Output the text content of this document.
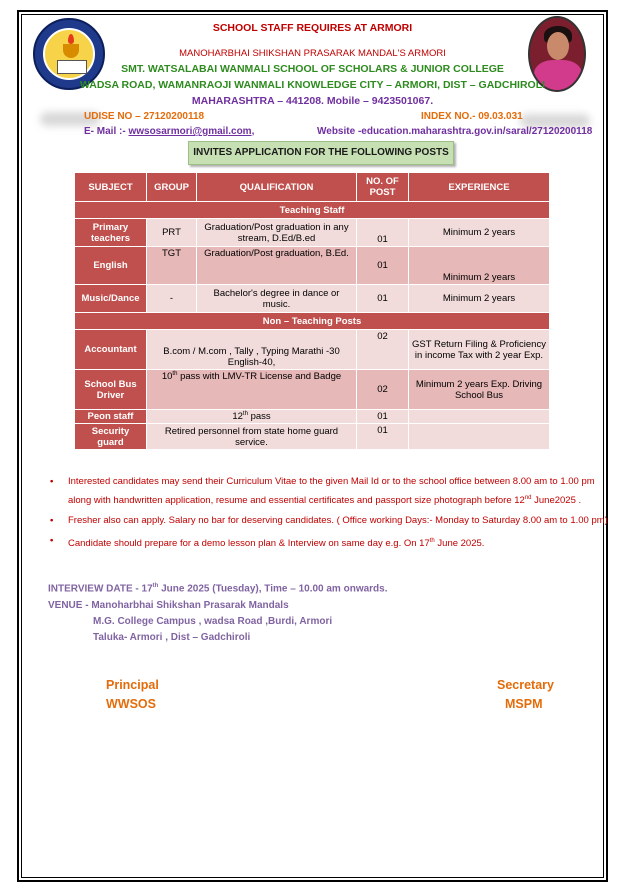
SCHOOL STAFF REQUIRES AT ARMORI
MANOHARBHAI SHIKSHAN PRASARAK MANDAL'S ARMORI
SMT. WATSALABAI WANMALI SCHOOL OF SCHOLARS & JUNIOR COLLEGE
WADSA ROAD, WAMANRAOJI WANMALI KNOWLEDGE CITY – ARMORI, DIST – GADCHIROLI
MAHARASHTRA – 441208. Mobile – 9423501067.
UDISE NO – 27120200118	INDEX NO.- 09.03.031
E- Mail :- wwsosarmori@gmail.com,	Website -education.maharashtra.gov.in/saral/27120200118
INVITES APPLICATION FOR THE FOLLOWING POSTS
SUBJECT	GROUP	QUALIFICATION	NO. OF POST	EXPERIENCE
Teaching Staff				
Primary teachers	PRT	Graduation/Post graduation in any stream, D.Ed/B.ed	01	Minimum 2 years
English	TGT	Graduation/Post graduation, B.Ed.	01	Minimum 2 years
Music/Dance	-	Bachelor's degree in dance or music.	01	Minimum 2 years
Non – Teaching Posts				
Accountant	B.com / M.com , Tally , Typing Marathi -30 English-40,		02	GST Return Filing & Proficiency in income Tax with 2 year Exp.
School Bus Driver	10th pass with LMV-TR License and Badge		02	Minimum 2 years Exp. Driving School Bus
Peon staff	12th pass		01	
Security guard	Retired personnel from state home guard service.		01	
• Interested candidates may send their Curriculum Vitae to the given Mail Id or to the school office between 8.00 am to 1.00 pm along with handwritten application, resume and essential certificates and passport size photograph before 12nd June2025 .
• Fresher also can apply. Salary no bar for deserving candidates. ( Office working Days:- Monday to Saturday 8.00 am to 1.00 pm)
• Candidate should prepare for a demo lesson plan & Interview on same day e.g. On 17th June 2025.
INTERVIEW DATE - 17th June 2025 (Tuesday), Time – 10.00 am onwards.
VENUE - Manoharbhai Shikshan Prasarak Mandals
M.G. College Campus , wadsa Road ,Burdi, Armori
Taluka- Armori , Dist – Gadchiroli
Principal
WWSOS
Secretary
MSPM
